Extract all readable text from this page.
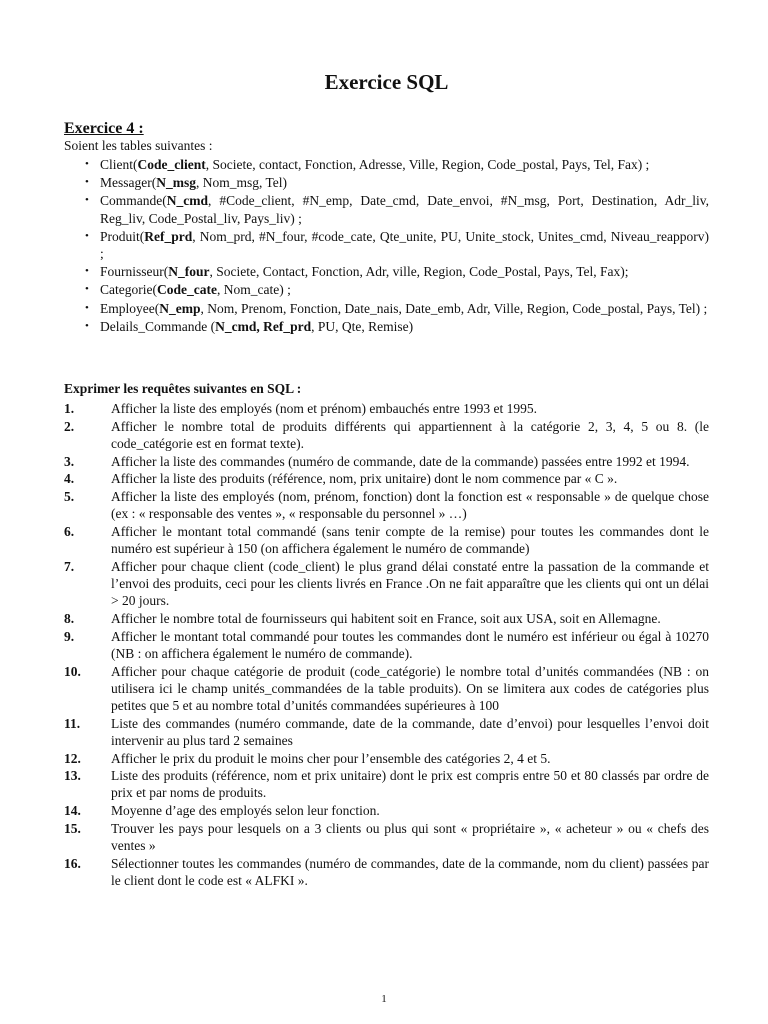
Exercice SQL
Exercice 4 :

Soient les tables suivantes :

• Client(Code_client, Societe, contact, Fonction, Adresse, Ville, Region, Code_postal, Pays, Tel, Fax) ;
• Messager(N_msg, Nom_msg, Tel)
• Commande(N_cmd, #Code_client, #N_emp, Date_cmd, Date_envoi, #N_msg, Port, Destination, Adr_liv, Reg_liv, Code_Postal_liv, Pays_liv) ;
• Produit(Ref_prd, Nom_prd, #N_four, #code_cate, Qte_unite, PU, Unite_stock, Unites_cmd, Niveau_reapporv) ;
• Fournisseur(N_four, Societe, Contact, Fonction, Adr, ville, Region, Code_Postal, Pays, Tel, Fax);
• Categorie(Code_cate, Nom_cate) ;
• Employee(N_emp, Nom, Prenom, Fonction, Date_nais, Date_emb, Adr, Ville, Region, Code_postal, Pays, Tel) ;
• Delails_Commande (N_cmd, Ref_prd, PU, Qte, Remise)

Exprimer les requêtes suivantes en SQL :

1.	Afficher la liste des employés (nom et prénom) embauchés entre 1993 et 1995.
2.	Afficher le nombre total de produits différents qui appartiennent à la catégorie 2, 3, 4, 5 ou 8. (le code_catégorie est en format texte).
3.	Afficher la liste des commandes (numéro de commande, date de la commande) passées entre 1992 et 1994.
4.	Afficher la liste des produits (référence, nom, prix unitaire) dont le nom commence par « C ».
5.	Afficher la liste des employés (nom, prénom, fonction) dont la fonction est « responsable » de quelque chose (ex : « responsable des ventes », « responsable du personnel » …)
6.	Afficher le montant total commandé (sans tenir compte de la remise) pour toutes les commandes dont le numéro est supérieur à 150 (on affichera également le numéro de commande)
7.	Afficher pour chaque client (code_client) le plus grand délai constaté entre la passation de la commande et l’envoi des produits, ceci pour les clients livrés en France .On ne fait apparaître que les clients qui ont un délai > 20 jours.
8.	Afficher le nombre total de fournisseurs qui habitent soit en France, soit aux USA, soit en Allemagne.
9.	Afficher le montant total commandé pour toutes les commandes dont le numéro est inférieur ou égal à 10270 (NB : on affichera également le numéro de commande).
10.	Afficher pour chaque catégorie de produit (code_catégorie) le nombre total d’unités commandées (NB : on utilisera ici le champ unités_commandées de la table produits). On se limitera aux codes de catégories plus petites que 5 et au nombre total d’unités commandées supérieures à 100
11.	Liste des commandes (numéro commande, date de la commande, date d’envoi) pour lesquelles l’envoi doit intervenir au plus tard 2 semaines
12.	Afficher le prix du produit le moins cher pour l’ensemble des catégories 2, 4 et 5.
13.	Liste des produits (référence, nom et prix unitaire) dont le prix est compris entre 50 et 80 classés par ordre de prix et par noms de produits.
14.	Moyenne d’age des employés selon leur fonction.
15.	Trouver les pays pour lesquels on a 3 clients ou plus qui sont « propriétaire », « acheteur » ou « chefs des ventes »
16.	Sélectionner toutes les commandes (numéro de commandes, date de la commande, nom du client) passées par le client dont le code est « ALFKI ».
1
